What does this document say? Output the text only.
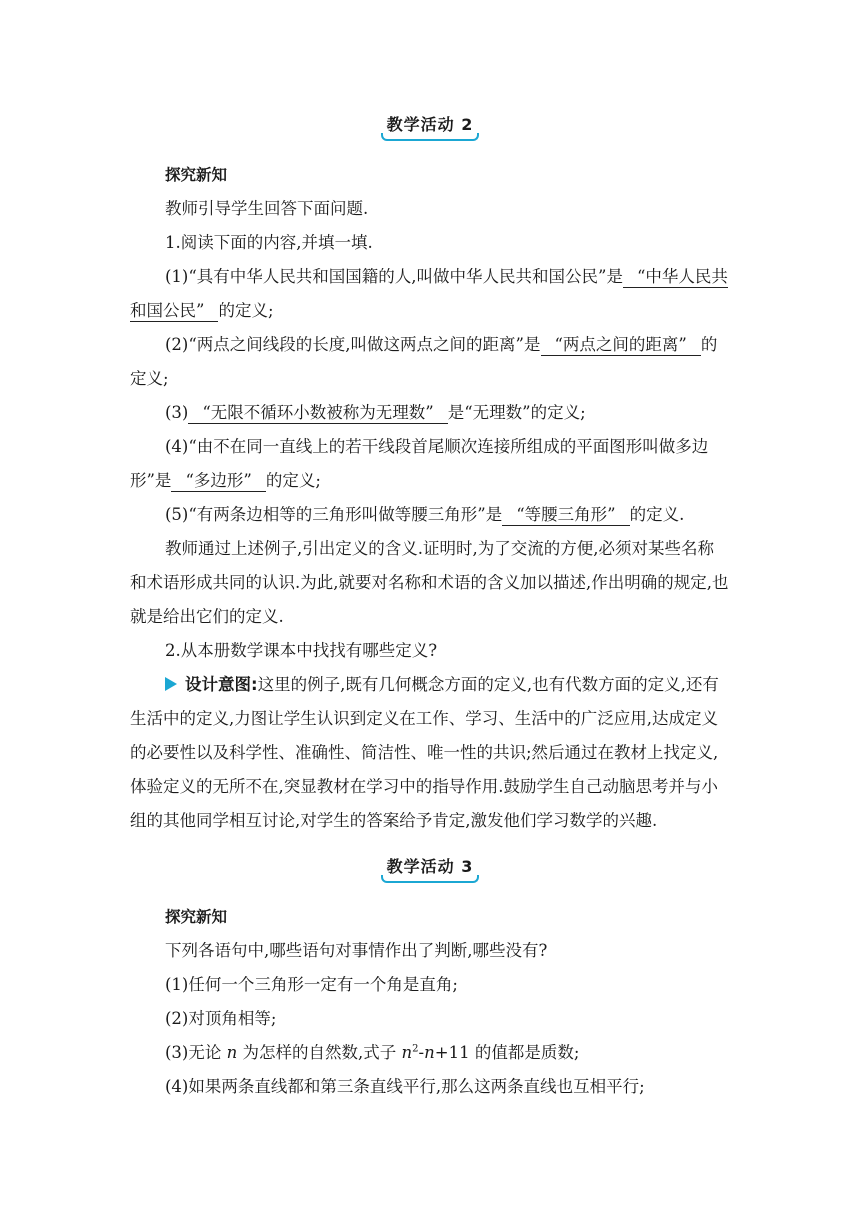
教学活动 2
探究新知

教师引导学生回答下面问题.

1.阅读下面的内容,并填一填.

(1)“具有中华人民共和国国籍的人,叫做中华人民共和国公民”是 “中华人民共和国公民” 的定义;

(2)“两点之间线段的长度,叫做这两点之间的距离”是 “两点之间的距离” 的定义;

(3) “无限不循环小数被称为无理数” 是“无理数”的定义;

(4)“由不在同一直线上的若干线段首尾顺次连接所组成的平面图形叫做多边形”是 “多边形” 的定义;

(5)“有两条边相等的三角形叫做等腰三角形”是 “等腰三角形” 的定义.

教师通过上述例子,引出定义的含义.证明时,为了交流的方便,必须对某些名称和术语形成共同的认识.为此,就要对名称和术语的含义加以描述,作出明确的规定,也就是给出它们的定义.

2.从本册数学课本中找找有哪些定义?

设计意图:这里的例子,既有几何概念方面的定义,也有代数方面的定义,还有生活中的定义,力图让学生认识到定义在工作、学习、生活中的广泛应用,达成定义的必要性以及科学性、准确性、简洁性、唯一性的共识;然后通过在教材上找定义,体验定义的无所不在,突显教材在学习中的指导作用.鼓励学生自己动脑思考并与小组的其他同学相互讨论,对学生的答案给予肯定,激发他们学习数学的兴趣.

教学活动 3
探究新知

下列各语句中,哪些语句对事情作出了判断,哪些没有?

(1)任何一个三角形一定有一个角是直角;

(2)对顶角相等;

(3)无论 n 为怎样的自然数,式子 $n^2-n+11$ 的值都是质数;

(4)如果两条直线都和第三条直线平行,那么这两条直线也互相平行;
